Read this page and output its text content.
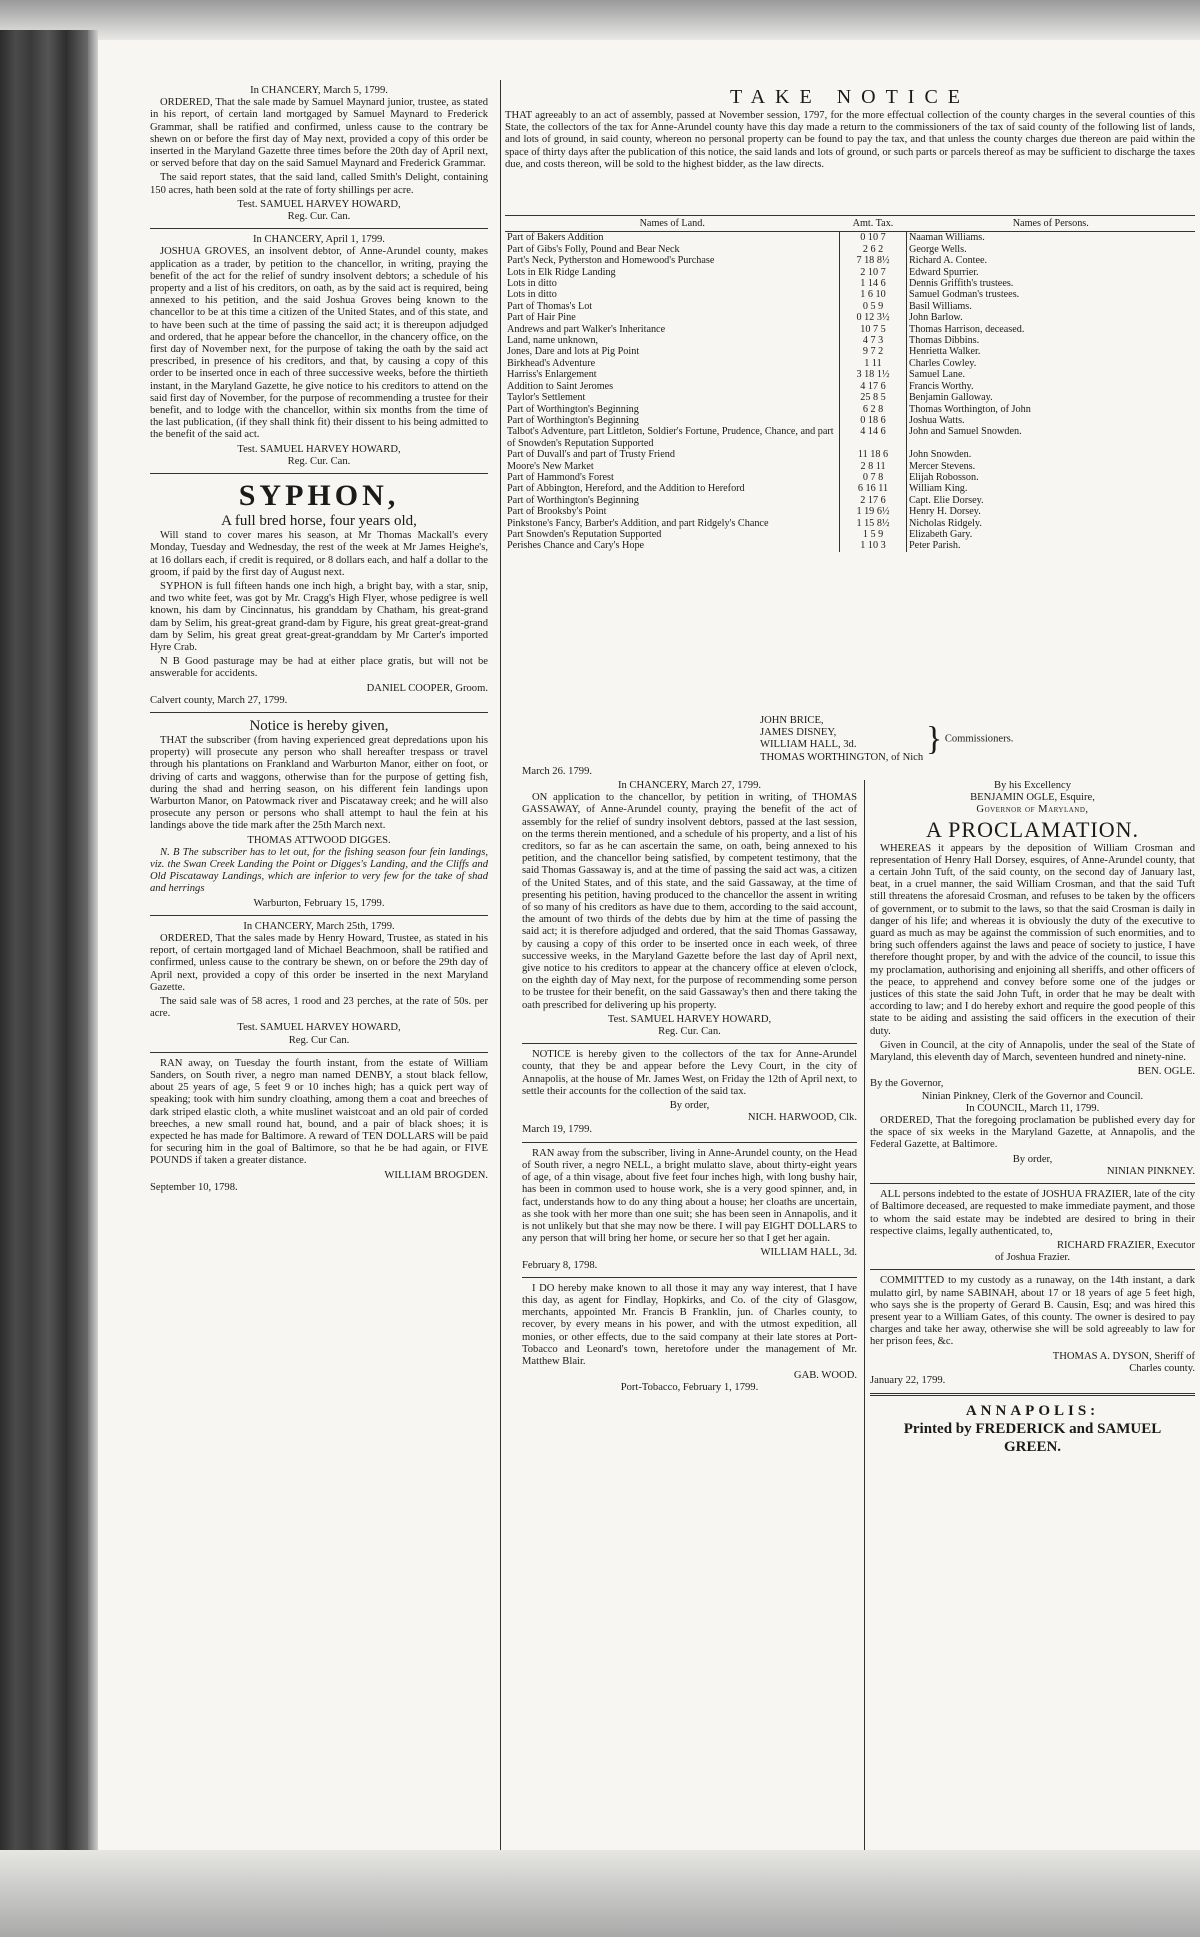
In CHANCERY, March 5, 1799.

ORDERED, That the sale made by Samuel Maynard junior, trustee, as stated in his report, of certain land mortgaged by Samuel Maynard to Frederick Grammar, shall be ratified and confirmed, unless cause to the contrary be shewn on or before the first day of May next, provided a copy of this order be inserted in the Maryland Gazette three times before the 20th day of April next, or served before that day on the said Samuel Maynard and Frederick Grammar.

The said report states, that the said land, called Smith's Delight, containing 150 acres, hath been sold at the rate of forty shillings per acre.

Test. SAMUEL HARVEY HOWARD,
Reg. Cur. Can.
In CHANCERY, April 1, 1799.

JOSHUA GROVES, an insolvent debtor, of Anne-Arundel county, makes application as a trader, by petition to the chancellor, in writing, praying the benefit of the act for the relief of sundry insolvent debtors; a schedule of his property and a list of his creditors, on oath, as by the said act is required, being annexed to his petition, and the said Joshua Groves being known to the chancellor to be at this time a citizen of the United States, and of this state, and to have been such at the time of passing the said act; it is thereupon adjudged and ordered, that he appear before the chancellor, in the chancery office, on the first day of November next, for the purpose of taking the oath by the said act prescribed, in presence of his creditors, and that, by causing a copy of this order to be inserted once in each of three successive weeks, before the thirtieth instant, in the Maryland Gazette, he give notice to his creditors to attend on the said first day of November, for the purpose of recommending a trustee for their benefit, and to lodge with the chancellor, within six months from the time of the last publication, (if they shall think fit) their dissent to his being admitted to the benefit of the said act.

Test. SAMUEL HARVEY HOWARD,
Reg. Cur. Can.
SYPHON,
A full bred horse, four years old,

Will stand to cover mares his season, at Mr Thomas Mackall's every Monday, Tuesday and Wednesday, the rest of the week at Mr James Heighe's, at 16 dollars each, if credit is required, or 8 dollars each, and half a dollar to the groom, if paid by the first day of August next.

SYPHON is full fifteen hands one inch high, a bright bay, with a star, snip, and two white feet, was got by Mr. Cragg's High Flyer, whose pedigree is well known, his dam by Cincinnatus, his granddam by Chatham, his great-grand dam by Selim, his great-great grand-dam by Figure, his great great-great-grand dam by Selim, his great great great-great-granddam by Mr Carter's imported Hyre Crab.

N B Good pasturage may be had at either place gratis, but will not be answerable for accidents.

DANIEL COOPER, Groom.
Calvert county, March 27, 1799.
Notice is hereby given,

THAT the subscriber (from having experienced great depredations upon his property) will prosecute any person who shall hereafter trespass or travel through his plantations on Frankland and Warburton Manor, either on foot, or driving of carts and waggons, otherwise than for the purpose of getting fish, during the shad and herring season, on his different fein landings upon Warburton Manor, on Patowmack river and Piscataway creek; and he will also prosecute any person or persons who shall attempt to haul the fein at his landings above the tide mark after the 25th March next.

THOMAS ATTWOOD DIGGES.

N. B The subscriber has to let out, for the fishing season four fein landings, viz. the Swan Creek Landing the Point or Digges's Landing, and the Cliffs and Old Piscataway Landings, which are inferior to very few for the take of shad and herrings

Warburton, February 15, 1799.
In CHANCERY, March 25th, 1799.

ORDERED, That the sales made by Henry Howard, Trustee, as stated in his report, of certain mortgaged land of Michael Beachmoon, shall be ratified and confirmed, unless cause to the contrary be shewn, on or before the 29th day of April next, provided a copy of this order be inserted in the next Maryland Gazette.

The said sale was of 58 acres, 1 rood and 23 perches, at the rate of 50s. per acre.

Test. SAMUEL HARVEY HOWARD,
Reg. Cur Can.

RAN away, on Tuesday the fourth instant, from the estate of William Sanders, on South river, a negro man named DENBY, a stout black fellow, about 25 years of age, 5 feet 9 or 10 inches high; has a quick pert way of speaking; took with him sundry cloathing, among them a coat and breeches of dark striped elastic cloth, a white muslinet waistcoat and an old pair of corded breeches, a new small round hat, bound, and a pair of black shoes; it is expected he has made for Baltimore. A reward of TEN DOLLARS will be paid for securing him in the goal of Baltimore, so that he be had again, or FIVE POUNDS if taken a greater distance.

WILLIAM BROGDEN.
September 10, 1798.
TAKE NOTICE
THAT agreeably to an act of assembly, passed at November session, 1797, for the more effectual collection of the county charges in the several counties of this State, the collectors of the tax for Anne-Arundel county have this day made a return to the commissioners of the tax of said county of the following list of lands, and lots of ground, in said county, whereon no personal property can be found to pay the tax, and that unless the county charges due thereon are paid within the space of thirty days after the publication of this notice, the said lands and lots of ground, or such parts or parcels thereof as may be sufficient to discharge the taxes due, and costs thereon, will be sold to the highest bidder, as the law directs.
Names of Land.	Amt. Tax.	Names of Persons.
Part of Bakers Addition	0 10 7	Naaman Williams.
Part of Gibs's Folly, Pound and Bear Neck	2 6 2	George Wells.
Part's Neck, Pytherston and Homewood's Purchase	7 18 8½	Richard A. Contee.
Lots in Elk Ridge Landing	2 10 7	Edward Spurrier.
Lots in ditto	1 14 6	Dennis Griffith's trustees.
Lots in ditto	1 6 10	Samuel Godman's trustees.
Part of Thomas's Lot	0 5 9	Basil Williams.
Part of Hair Pine	0 12 3½	John Barlow.
Andrews and part Walker's Inheritance	10 7 5	Thomas Harrison, deceased.
Land, name unknown,	4 7 3	Thomas Dibbins.
Jones, Dare and lots at Pig Point	9 7 2	Henrietta Walker.
Birkhead's Adventure	1 11	Charles Cowley.
Harriss's Enlargement	3 18 1½	Samuel Lane.
Addition to Saint Jeromes	4 17 6	Francis Worthy.
Taylor's Settlement	25 8 5	Benjamin Galloway.
Part of Worthington's Beginning	6 2 8	Thomas Worthington, of John
Part of Worthington's Beginning	0 18 6	Joshua Watts.
Talbot's Adventure, part Littleton, Soldier's Fortune, Prudence, Chance, and part of Snowden's Reputation Supported	4 14 6	John and Samuel Snowden.
Part of Duvall's and part of Trusty Friend	11 18 6	John Snowden.
Moore's New Market	2 8 11	Mercer Stevens.
Part of Hammond's Forest	0 7 8	Elijah Robosson.
Part of Abbington, Hereford, and the Addition to Hereford	6 16 11	William King.
Part of Worthington's Beginning	2 17 6	Capt. Elie Dorsey.
Part of Brooksby's Point	1 19 6½	Henry H. Dorsey.
Pinkstone's Fancy, Barber's Addition, and part Ridgely's Chance	1 15 8½	Nicholas Ridgely.
Part Snowden's Reputation Supported	1 5 9	Elizabeth Gary.
Perishes Chance and Cary's Hope	1 10 3	Peter Parish.
JOHN BRICE,
JAMES DISNEY,
WILLIAM HALL, 3d.
THOMAS WORTHINGTON, of Nich } Commissioners.
March 26. 1799.
In CHANCERY, March 27, 1799.

ON application to the chancellor, by petition in writing, of THOMAS GASSAWAY, of Anne-Arundel county, praying the benefit of the act of assembly for the relief of sundry insolvent debtors, passed at the last session, on the terms therein mentioned, and a schedule of his property, and a list of his creditors, so far as he can ascertain the same, on oath, being annexed to his petition, and the chancellor being satisfied, by competent testimony, that the said Thomas Gassaway is, and at the time of passing the said act was, a citizen of the United States, and of this state, and the said Gassaway, at the time of presenting his petition, having produced to the chancellor the assent in writing of so many of his creditors as have due to them, according to the said account, the amount of two thirds of the debts due by him at the time of passing the said act; it is therefore adjudged and ordered, that the said Thomas Gassaway, by causing a copy of this order to be inserted once in each week, of three successive weeks, in the Maryland Gazette before the last day of April next, give notice to his creditors to appear at the chancery office at eleven o'clock, on the eighth day of May next, for the purpose of recommending some person to be trustee for their benefit, on the said Gassaway's then and there taking the oath prescribed for delivering up his property.

Test. SAMUEL HARVEY HOWARD,
Reg. Cur. Can.

NOTICE is hereby given to the collectors of the tax for Anne-Arundel county, that they be and appear before the Levy Court, in the city of Annapolis, at the house of Mr. James West, on Friday the 12th of April next, to settle their accounts for the collection of the said tax.

By order,
NICH. HARWOOD, Clk.
March 19, 1799.

RAN away from the subscriber, living in Anne-Arundel county, on the Head of South river, a negro NELL, a bright mulatto slave, about thirty-eight years of age, of a thin visage, about five feet four inches high, with long bushy hair, has been in common used to house work, she is a very good spinner, and, in fact, understands how to do any thing about a house; her cloaths are uncertain, as she took with her more than one suit; she has been seen in Annapolis, and it is not unlikely but that she may now be there. I will pay EIGHT DOLLARS to any person that will bring her home, or secure her so that I get her again.

WILLIAM HALL, 3d.
February 8, 1798.

I DO hereby make known to all those it may any way interest, that I have this day, as agent for Findlay, Hopkirks, and Co. of the city of Glasgow, merchants, appointed Mr. Francis B Franklin, jun. of Charles county, to recover, by every means in his power, and with the utmost expedition, all monies, or other effects, due to the said company at their late stores at Port-Tobacco and Leonard's town, heretofore under the management of Mr. Matthew Blair.

GAB. WOOD.
Port-Tobacco, February 1, 1799.
By his Excellency
BENJAMIN OGLE, Esquire,
Governor of Maryland,
A PROCLAMATION.

WHEREAS it appears by the deposition of William Crosman and representation of Henry Hall Dorsey, esquires, of Anne-Arundel county, that a certain John Tuft, of the said county, on the second day of January last, beat, in a cruel manner, the said William Crosman, and that the said Tuft still threatens the aforesaid Crosman, and refuses to be taken by the officers of government, or to submit to the laws, so that the said Crosman is daily in danger of his life; and whereas it is obviously the duty of the executive to guard as much as may be against the commission of such enormities, and to bring such offenders against the laws and peace of society to justice, I have therefore thought proper, by and with the advice of the council, to issue this my proclamation, authorising and enjoining all sheriffs, and other officers of the peace, to apprehend and convey before some one of the judges or justices of this state the said John Tuft, in order that he may be dealt with according to law; and I do hereby exhort and require the good people of this state to be aiding and assisting the said officers in the execution of their duty.

Given in Council, at the city of Annapolis, under the seal of the State of Maryland, this eleventh day of March, seventeen hundred and ninety-nine.

BEN. OGLE.
By the Governor,
Ninian Pinkney, Clerk of the Governor and Council.
In COUNCIL, March 11, 1799.

ORDERED, That the foregoing proclamation be published every day for the space of six weeks in the Maryland Gazette, at Annapolis, and the Federal Gazette, at Baltimore.

By order,
NINIAN PINKNEY.

ALL persons indebted to the estate of JOSHUA FRAZIER, late of the city of Baltimore deceased, are requested to make immediate payment, and those to whom the said estate may be indebted are desired to bring in their respective claims, legally authenticated, to,

RICHARD FRAZIER, Executor
of Joshua Frazier.

COMMITTED to my custody as a runaway, on the 14th instant, a dark mulatto girl, by name SABINAH, about 17 or 18 years of age 5 feet high, who says she is the property of Gerard B. Causin, Esq; and was hired this present year to a William Gates, of this county. The owner is desired to pay charges and take her away, otherwise she will be sold agreeably to law for her prison fees, &c.

THOMAS A. DYSON, Sheriff of
Charles county.
January 22, 1799.
ANNAPOLIS:
Printed by FREDERICK and SAMUEL
GREEN.
